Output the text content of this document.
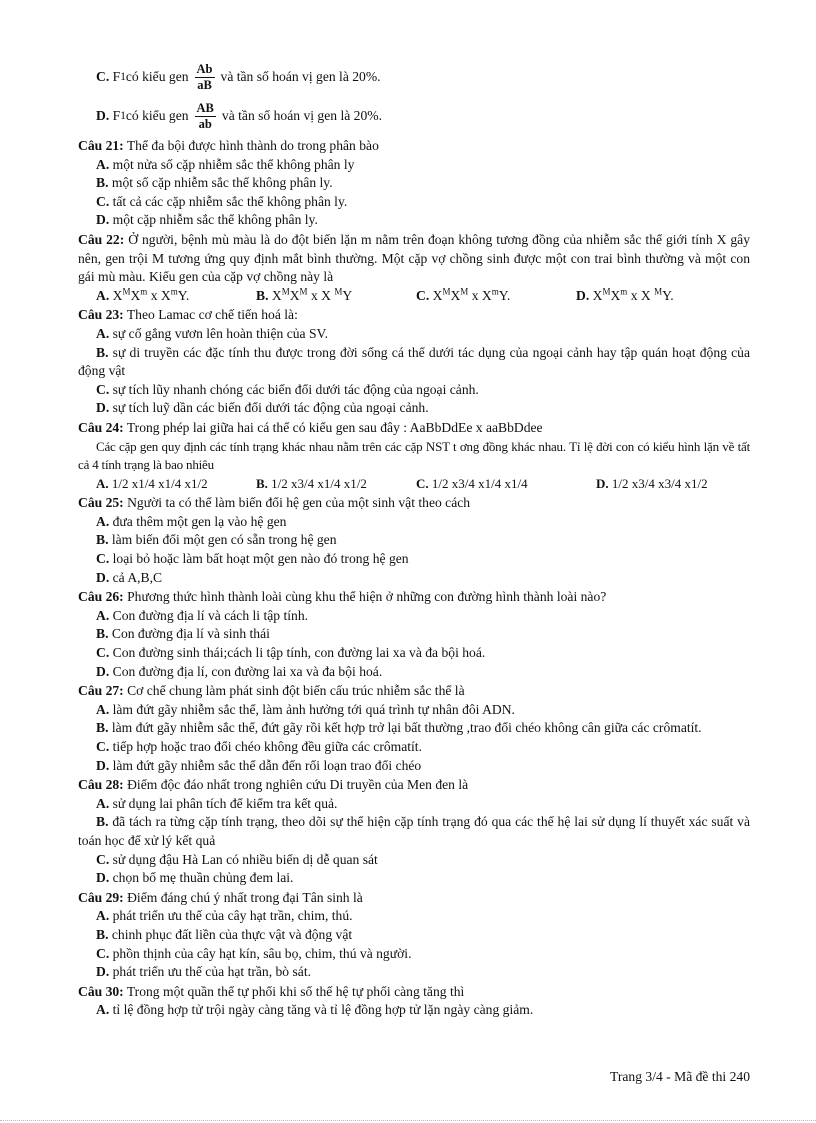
C.
F 1 có kiểu gen $\frac{Ab}{aB}$ và tần số hoán vị gen là 20%.
D.
F 1 có kiểu gen $\frac{AB}{ab}$ và tần số hoán vị gen là 20%.
Câu 21: Thể đa bội được hình thành do trong phân bào
A. một nửa số cặp nhiễm sắc thể không phân ly
B. một số cặp nhiễm sắc thể không phân ly.
C. tất cả các cặp nhiễm sắc thể không phân ly.
D. một cặp nhiễm sắc thể không phân ly.
Câu 22: Ở người, bệnh mù màu là do đột biến lặn m nằm trên đoạn không tương đồng của nhiễm sắc thể giới tính X gây nên, gen trội M tương ứng quy định mắt bình thường. Một cặp vợ chồng sinh được một con trai bình thường và một con gái mù màu. Kiểu gen của cặp vợ chồng này là
A. $X^MX^m$ x $X^mY$.	B. $X^MX^M$ x X $^M$Y	C. $X^MX^M$ x $X^mY$.	D. $X^MX^m$ x X $^M$Y.
Câu 23: Theo Lamac cơ chế tiến hoá là:
A. sự cố gắng vươn lên hoàn thiện của SV.
B. sự di truyền các đặc tính thu được trong đời sống cá thể dưới tác dụng của ngoại cảnh hay tập quán hoạt động của động vật
C. sự tích lũy nhanh chóng các biến đổi dưới tác động của ngoại cảnh.
D. sự tích luỹ dần các biến đổi dưới tác động của ngoại cảnh.
Câu 24: Trong phép lai giữa hai cá thể có kiểu gen sau đây : AaBbDdEe x aaBbDdee
Các cặp gen quy định các tính trạng khác nhau nằm trên các cặp NST t ơng đồng khác nhau. Tỉ lệ đời con có kiểu hình lặn về tất cả 4 tính trạng là bao nhiêu
A. 1/2 x1/4 x1/4 x1/2	B. 1/2 x3/4 x1/4 x1/2	C. 1/2 x3/4 x1/4 x1/4	D. 1/2 x3/4 x3/4 x1/2
Câu 25: Người ta có thể làm biến đổi hệ gen của một sinh vật theo cách
A. đưa thêm một gen lạ vào hệ gen
B. làm biến đổi một gen có sẵn trong hệ gen
C. loại bỏ hoặc làm bất hoạt một gen nào đó trong hệ gen
D. cả A,B,C
Câu 26: Phương thức hình thành loài cùng khu thể hiện ở những con đường hình thành loài nào?
A. Con đường địa lí và cách li tập tính.
B. Con đường địa lí và sinh thái
C. Con đường sinh thái;cách li tập tính, con đường lai xa và đa bội hoá.
D. Con đường địa lí, con đường lai xa và đa bội hoá.
Câu 27: Cơ chế chung làm phát sinh đột biến cấu trúc nhiễm sắc thể là
A. làm đứt gãy nhiễm sắc thể, làm ảnh hưởng tới quá trình tự nhân đôi ADN.
B. làm đứt gãy nhiễm sắc thể, đứt gãy rồi kết hợp trở lại bất thường ,trao đổi chéo không cân giữa các crômatít.
C. tiếp hợp hoặc trao đổi chéo không đều giữa các crômatít.
D. làm đứt gãy nhiễm sắc thể dẫn đến rối loạn trao đổi chéo
Câu 28: Điểm độc đáo nhất trong nghiên cứu Di truyền của Men đen là
A. sử dụng lai phân tích để kiểm tra kết quả.
B. đã tách ra từng cặp tính trạng, theo dõi sự thể hiện cặp tính trạng đó qua các thế hệ lai sử dụng lí thuyết xác suất và toán học để xử lý kết quả
C. sử dụng đậu Hà Lan có nhiều biến dị dễ quan sát
D. chọn bố mẹ thuần chủng đem lai.
Câu 29: Điểm đáng chú ý nhất trong đại Tân sinh là
A. phát triển ưu thế của cây hạt trần, chim, thú.
B. chinh phục đất liền của thực vật và động vật
C. phồn thịnh của cây hạt kín, sâu bọ, chim, thú và người.
D. phát triển ưu thế của hạt trần, bò sát.
Câu 30: Trong một quần thể tự phối khi số thế hệ tự phối càng tăng thì
A. tỉ lệ đồng hợp tử trội ngày càng tăng và tỉ lệ đồng hợp tử lặn ngày càng giảm.
Trang 3/4 - Mã đề thi 240
